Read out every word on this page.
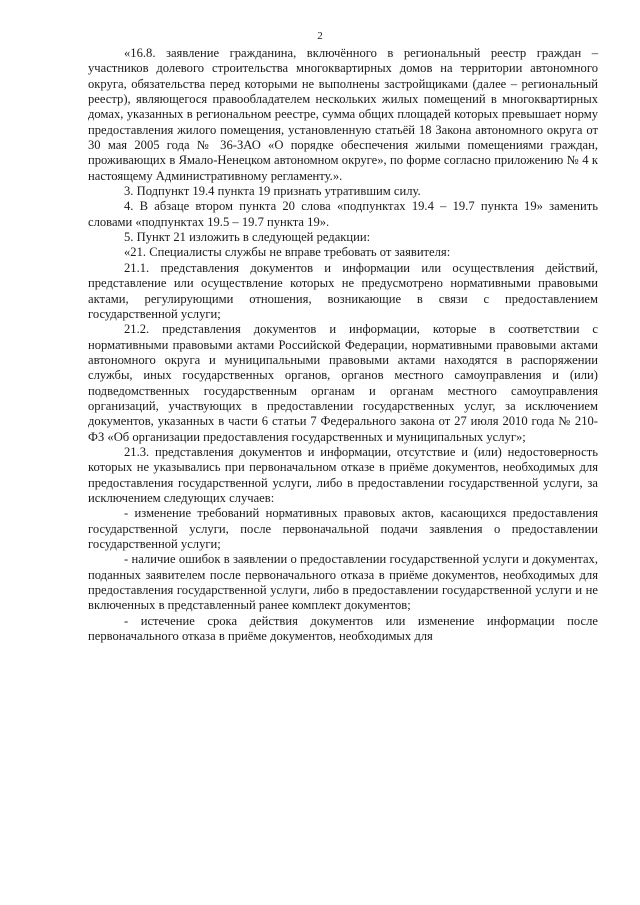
2

«16.8. заявление гражданина, включённого в региональный реестр граждан – участников долевого строительства многоквартирных домов на территории автономного округа, обязательства перед которыми не выполнены застройщиками (далее – региональный реестр), являющегося правообладателем нескольких жилых помещений в многоквартирных домах, указанных в региональном реестре, сумма общих площадей которых превышает норму предоставления жилого помещения, установленную статьёй 18 Закона автономного округа от 30 мая 2005 года № 36-ЗАО «О порядке обеспечения жилыми помещениями граждан, проживающих в Ямало-Ненецком автономном округе», по форме согласно приложению № 4 к настоящему Административному регламенту.».

3. Подпункт 19.4 пункта 19 признать утратившим силу.

4. В абзаце втором пункта 20 слова «подпунктах 19.4 – 19.7 пункта 19» заменить словами «подпунктах 19.5 – 19.7 пункта 19».

5. Пункт 21 изложить в следующей редакции:

«21. Специалисты службы не вправе требовать от заявителя:

21.1. представления документов и информации или осуществления действий, представление или осуществление которых не предусмотрено нормативными правовыми актами, регулирующими отношения, возникающие в связи с предоставлением государственной услуги;

21.2. представления документов и информации, которые в соответствии с нормативными правовыми актами Российской Федерации, нормативными правовыми актами автономного округа и муниципальными правовыми актами находятся в распоряжении службы, иных государственных органов, органов местного самоуправления и (или) подведомственных государственным органам и органам местного самоуправления организаций, участвующих в предоставлении государственных услуг, за исключением документов, указанных в части 6 статьи 7 Федерального закона от 27 июля 2010 года № 210-ФЗ «Об организации предоставления государственных и муниципальных услуг»;

21.3. представления документов и информации, отсутствие и (или) недостоверность которых не указывались при первоначальном отказе в приёме документов, необходимых для предоставления государственной услуги, либо в предоставлении государственной услуги, за исключением следующих случаев:

- изменение требований нормативных правовых актов, касающихся предоставления государственной услуги, после первоначальной подачи заявления о предоставлении государственной услуги;

- наличие ошибок в заявлении о предоставлении государственной услуги и документах, поданных заявителем после первоначального отказа в приёме документов, необходимых для предоставления государственной услуги, либо в предоставлении государственной услуги и не включенных в представленный ранее комплект документов;

- истечение срока действия документов или изменение информации после первоначального отказа в приёме документов, необходимых для
